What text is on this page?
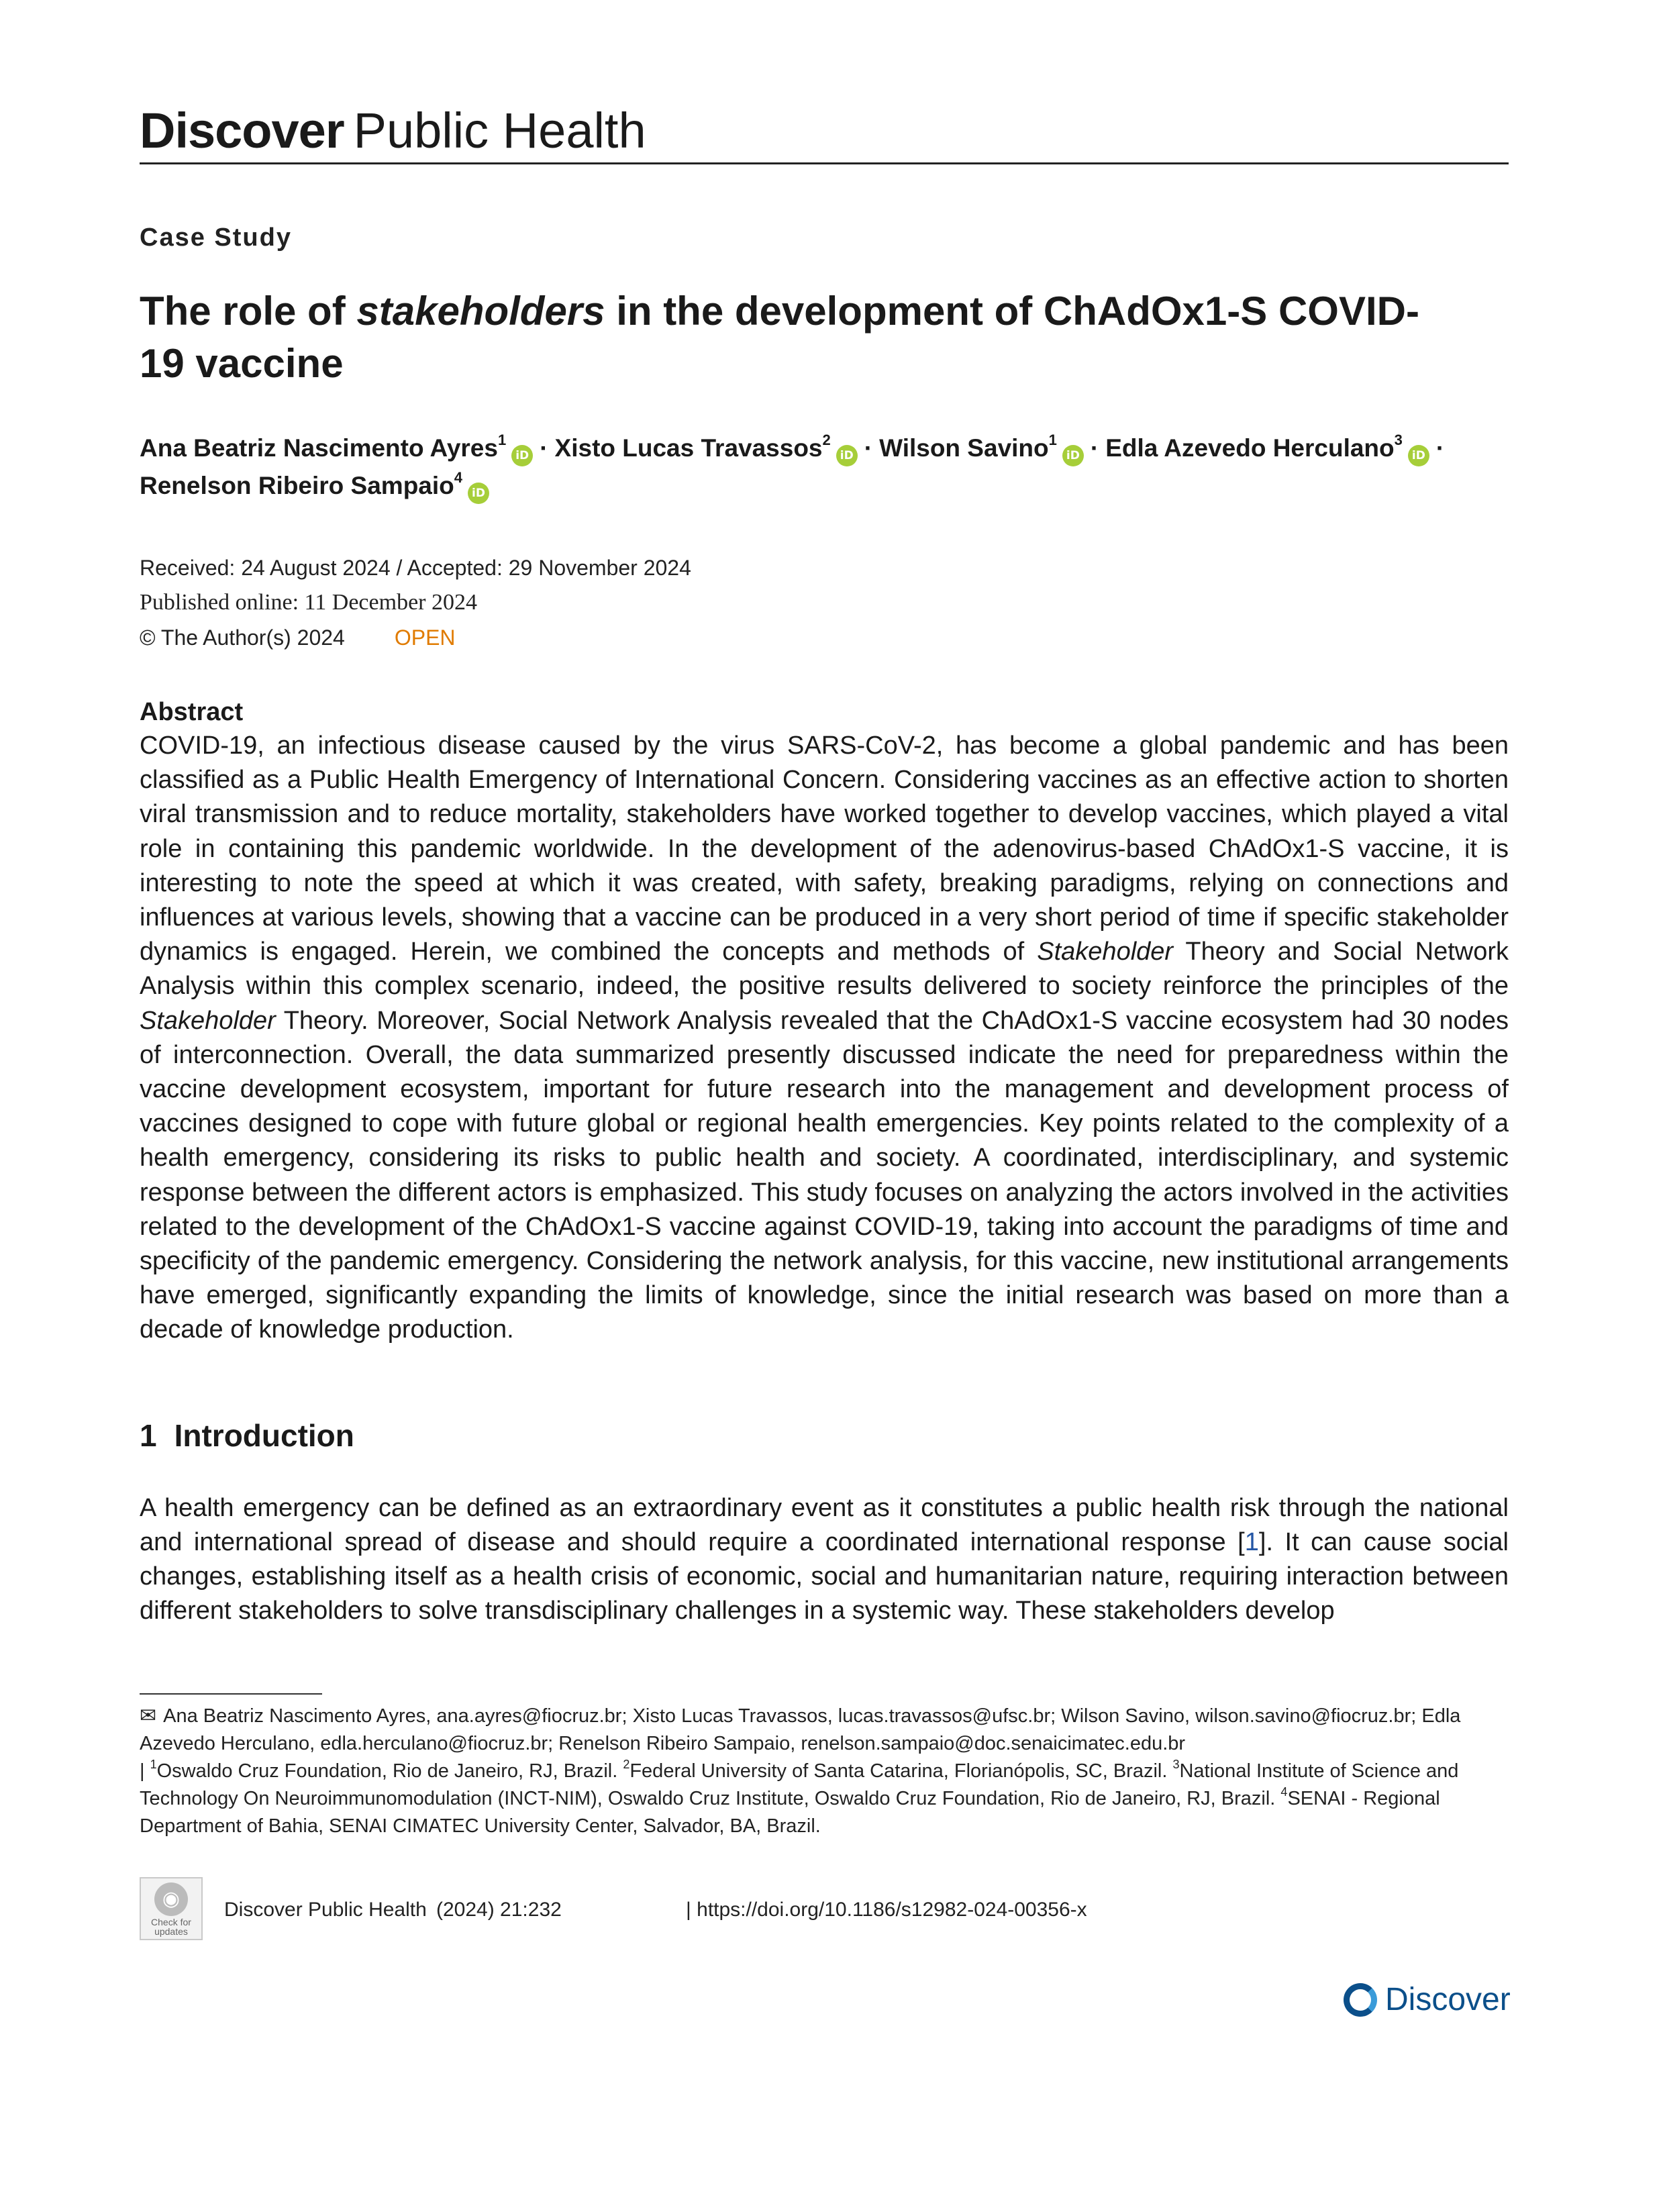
Discover Public Health
Case Study
The role of stakeholders in the development of ChAdOx1-S COVID-19 vaccine
Ana Beatriz Nascimento Ayres$^1$iD · Xisto Lucas Travassos$^2$iD · Wilson Savino$^1$iD · Edla Azevedo Herculano$^3$iD ·
Renelson Ribeiro Sampaio$^4$iD
Received: 24 August 2024 / Accepted: 29 November 2024
Published online: 11 December 2024
© The Author(s) 2024 OPEN
Abstract
COVID-19, an infectious disease caused by the virus SARS-CoV-2, has become a global pandemic and has been classified as a Public Health Emergency of International Concern. Considering vaccines as an effective action to shorten viral transmission and to reduce mortality, stakeholders have worked together to develop vaccines, which played a vital role in containing this pandemic worldwide. In the development of the adenovirus-based ChAdOx1-S vaccine, it is interesting to note the speed at which it was created, with safety, breaking paradigms, relying on connections and influences at various levels, showing that a vaccine can be produced in a very short period of time if specific stakeholder dynamics is engaged. Herein, we combined the concepts and methods of Stakeholder Theory and Social Network Analysis within this complex scenario, indeed, the positive results delivered to society reinforce the principles of the Stakeholder Theory. Moreover, Social Network Analysis revealed that the ChAdOx1-S vaccine ecosystem had 30 nodes of interconnection. Overall, the data summarized presently discussed indicate the need for preparedness within the vaccine development ecosystem, important for future research into the management and development process of vaccines designed to cope with future global or regional health emergencies. Key points related to the complexity of a health emergency, considering its risks to public health and society. A coordinated, interdisciplinary, and systemic response between the different actors is emphasized. This study focuses on analyzing the actors involved in the activities related to the development of the ChAdOx1-S vaccine against COVID-19, taking into account the paradigms of time and specificity of the pandemic emergency. Considering the network analysis, for this vaccine, new institutional arrangements have emerged, significantly expanding the limits of knowledge, since the initial research was based on more than a decade of knowledge production.
1 Introduction
A health emergency can be defined as an extraordinary event as it constitutes a public health risk through the national and international spread of disease and should require a coordinated international response [1]. It can cause social changes, establishing itself as a health crisis of economic, social and humanitarian nature, requiring interaction between different stakeholders to solve transdisciplinary challenges in a systemic way. These stakeholders develop
✉ Ana Beatriz Nascimento Ayres, ana.ayres@fiocruz.br; Xisto Lucas Travassos, lucas.travassos@ufsc.br; Wilson Savino, wilson.savino@fiocruz.br; Edla Azevedo Herculano, edla.herculano@fiocruz.br; Renelson Ribeiro Sampaio, renelson.sampaio@doc.senaicimatec.edu.br
| $^1$Oswaldo Cruz Foundation, Rio de Janeiro, RJ, Brazil. $^2$Federal University of Santa Catarina, Florianópolis, SC, Brazil. $^3$National Institute of Science and Technology On Neuroimmunomodulation (INCT-NIM), Oswaldo Cruz Institute, Oswaldo Cruz Foundation, Rio de Janeiro, RJ, Brazil. $^4$SENAI - Regional Department of Bahia, SENAI CIMATEC University Center, Salvador, BA, Brazil.
◉
Check for
updates
Discover Public Health (2024) 21:232	| https://doi.org/10.1186/s12982-024-00356-x
Discover
